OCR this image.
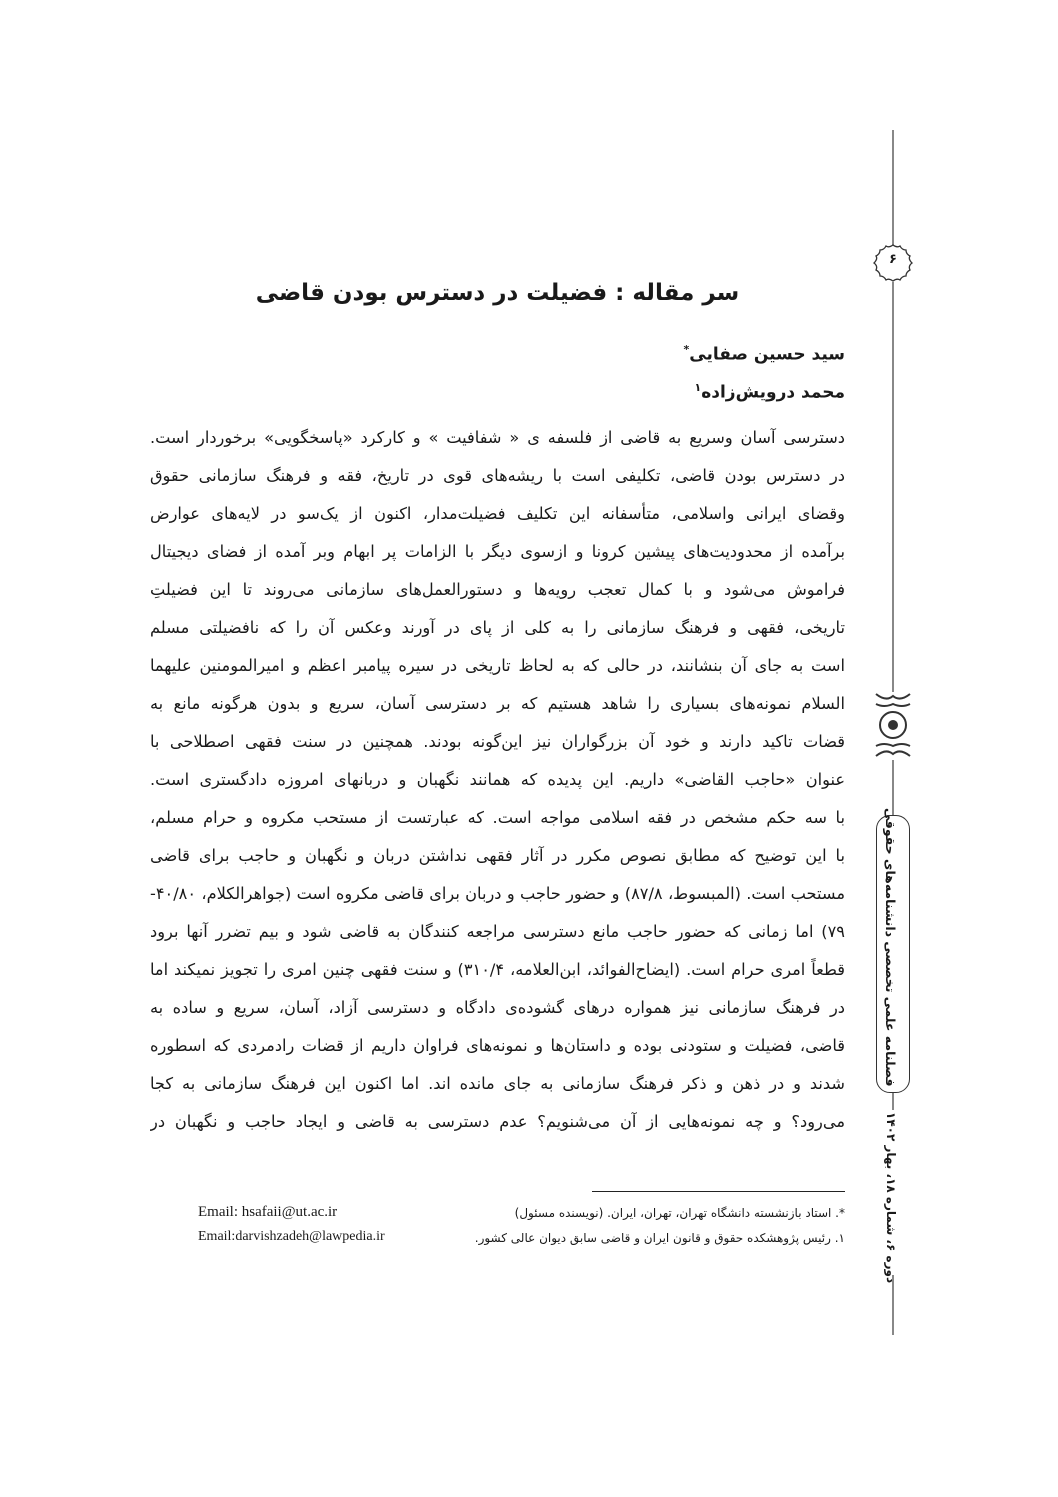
۶
فصلنامه علمی تخصصی دانشنامه‌های حقوقی
دوره ۶، شماره ۱۸، بهار ۱۴۰۲
سر مقاله : فضیلت در دسترس بودن قاضی
سید حسین صفایی*
محمد درویش‌زاده$^۱$
دسترسی آسان وسریع به قاضی از فلسفه ی « شفافیت » و کارکرد «پاسخگویی» برخوردار است.
در دسترس بودن قاضی، تکلیفی است با ریشه‌های قوی در تاریخ، فقه و فرهنگ سازمانی حقوق
وقضای ایرانی واسلامی، متأسفانه این تکلیف فضیلت‌مدار، اکنون از یک‌سو در لایه‌های عوارض
برآمده از محدودیت‌های پیشین کرونا و ازسوی دیگر با الزامات پر ابهام وبر آمده از فضای دیجیتال
فراموش می‌شود و با کمال تعجب رویه‌ها و دستورالعمل‌های سازمانی می‌روند تا این فضیلتِ
تاریخی، فقهی و فرهنگ سازمانی را به کلی از پای در آورند وعکس آن را که نافضیلتی مسلم
است به جای آن بنشانند، در حالی که به لحاظ تاریخی در سیره پیامبر اعظم و امیرالمومنین علیهما
السلام نمونه‌های بسیاری را شاهد هستیم که بر دسترسی آسان، سریع و بدون هرگونه مانع به
قضات تاکید دارند و خود آن بزرگواران نیز این‌گونه بودند. همچنین در سنت فقهی اصطلاحی با
عنوان «حاجب القاضی» داریم. این پدیده که همانند نگهبان و دربانهای امروزه دادگستری است.
با سه حکم مشخص در فقه اسلامی مواجه است. که عبارتست از مستحب مکروه و حرام مسلم،
با این توضیح که مطابق نصوص مکرر در آثار فقهی نداشتن دربان و نگهبان و حاجب برای قاضی
مستحب است. (المبسوط، ۸۷/۸) و حضور حاجب و دربان برای قاضی مکروه است (جواهرالکلام، ۴۰/۸۰-
۷۹) اما زمانی که حضور حاجب مانع دسترسی مراجعه کنندگان به قاضی شود و بیم تضرر آنها برود
قطعاً امری حرام است. (ایضاح‌الفوائد، ابن‌العلامه، ۳۱۰/۴) و سنت فقهی چنین امری را تجویز نمیکند اما
در فرهنگ سازمانی نیز همواره درهای گشوده‌ی دادگاه و دسترسی آزاد، آسان، سریع و ساده به
قاضی، فضیلت و ستودنی بوده و داستان‌ها و نمونه‌های فراوان داریم از قضات رادمردی که اسطوره
شدند و در ذهن و ذکر فرهنگ سازمانی به جای مانده اند. اما اکنون این فرهنگ سازمانی به کجا
می‌رود؟ و چه نمونه‌هایی از آن می‌شنویم؟ عدم دسترسی به قاضی و ایجاد حاجب و نگهبان در
*. استاد بازنشسته دانشگاه تهران، تهران، ایران. (نویسنده مسئول)
۱. رئیس پژوهشکده حقوق و قانون ایران و قاضی سابق دیوان عالی کشور.
Email: hsafaii@ut.ac.ir
Email:darvishzadeh@lawpedia.ir
